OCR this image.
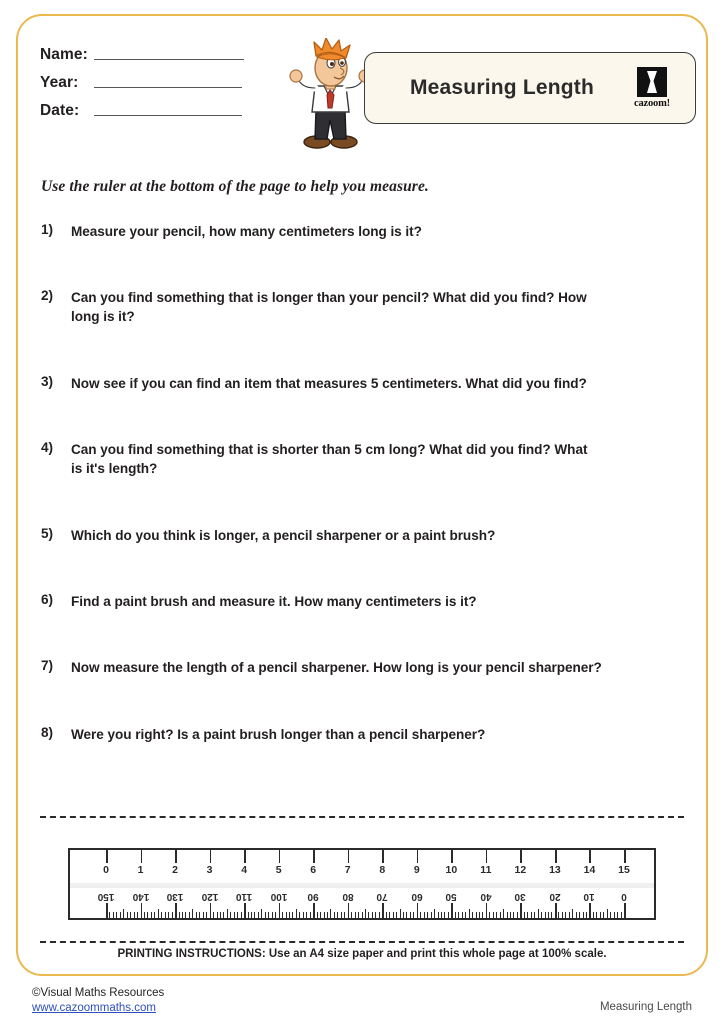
Name:
Year:
Date:
Measuring Length
cazoom!
Use the ruler at the bottom of the page to help you measure.
1)	Measure your pencil, how many centimeters long is it?
2)	Can you find something that is longer than your pencil? What did you find? How long is it?
3)	Now see if you can find an item that measures 5 centimeters. What did you find?
4)	Can you find something that is shorter than 5 cm long? What did you find? What is it's length?
5)	Which do you think is longer, a pencil sharpener or a paint brush?
6)	Find a paint brush and measure it. How many centimeters is it?
7)	Now measure the length of a pencil sharpener. How long is your pencil sharpener?
8)	Were you right? Is a paint brush longer than a pencil sharpener?
0	1	2	3	4	5	6	7	8	9 10 11 12 13 14 15
150 140 130 120 110 100 90 80 70 60 50 40 30 20 10	0
PRINTING INSTRUCTIONS: Use an A4 size paper and print this whole page at 100% scale.
©Visual Maths Resources
www.cazoommaths.com	Measuring Length
